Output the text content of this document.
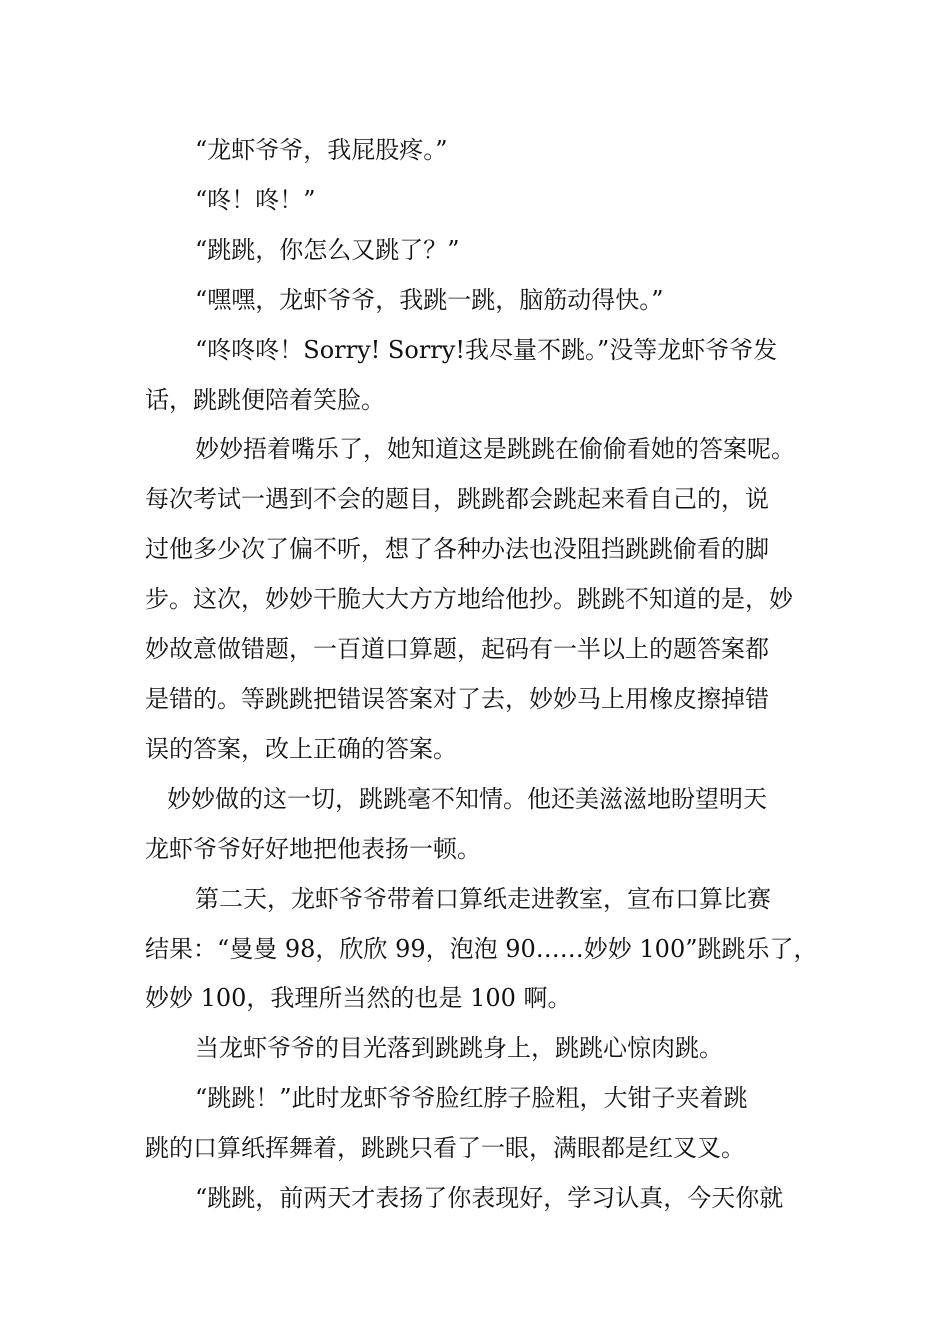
“龙虾爷爷，我屁股疼。”

“咚！咚！”

“跳跳，你怎么又跳了？”

“嘿嘿，龙虾爷爷，我跳一跳，脑筋动得快。”

“咚咚咚！Sorry! Sorry!我尽量不跳。”没等龙虾爷爷发

话，跳跳便陪着笑脸。

妙妙捂着嘴乐了，她知道这是跳跳在偷偷看她的答案呢。

每次考试一遇到不会的题目，跳跳都会跳起来看自己的，说

过他多少次了偏不听，想了各种办法也没阻挡跳跳偷看的脚

步。这次，妙妙干脆大大方方地给他抄。跳跳不知道的是，妙

妙故意做错题，一百道口算题，起码有一半以上的题答案都

是错的。等跳跳把错误答案对了去，妙妙马上用橡皮擦掉错

误的答案，改上正确的答案。

妙妙做的这一切，跳跳毫不知情。他还美滋滋地盼望明天

龙虾爷爷好好地把他表扬一顿。

第二天，龙虾爷爷带着口算纸走进教室，宣布口算比赛

结果：“曼曼 98，欣欣 99，泡泡 90……妙妙 100”跳跳乐了，

妙妙 100，我理所当然的也是 100 啊。

当龙虾爷爷的目光落到跳跳身上，跳跳心惊肉跳。

“跳跳！”此时龙虾爷爷脸红脖子脸粗，大钳子夹着跳

跳的口算纸挥舞着，跳跳只看了一眼，满眼都是红叉叉。

“跳跳，前两天才表扬了你表现好，学习认真，今天你就
